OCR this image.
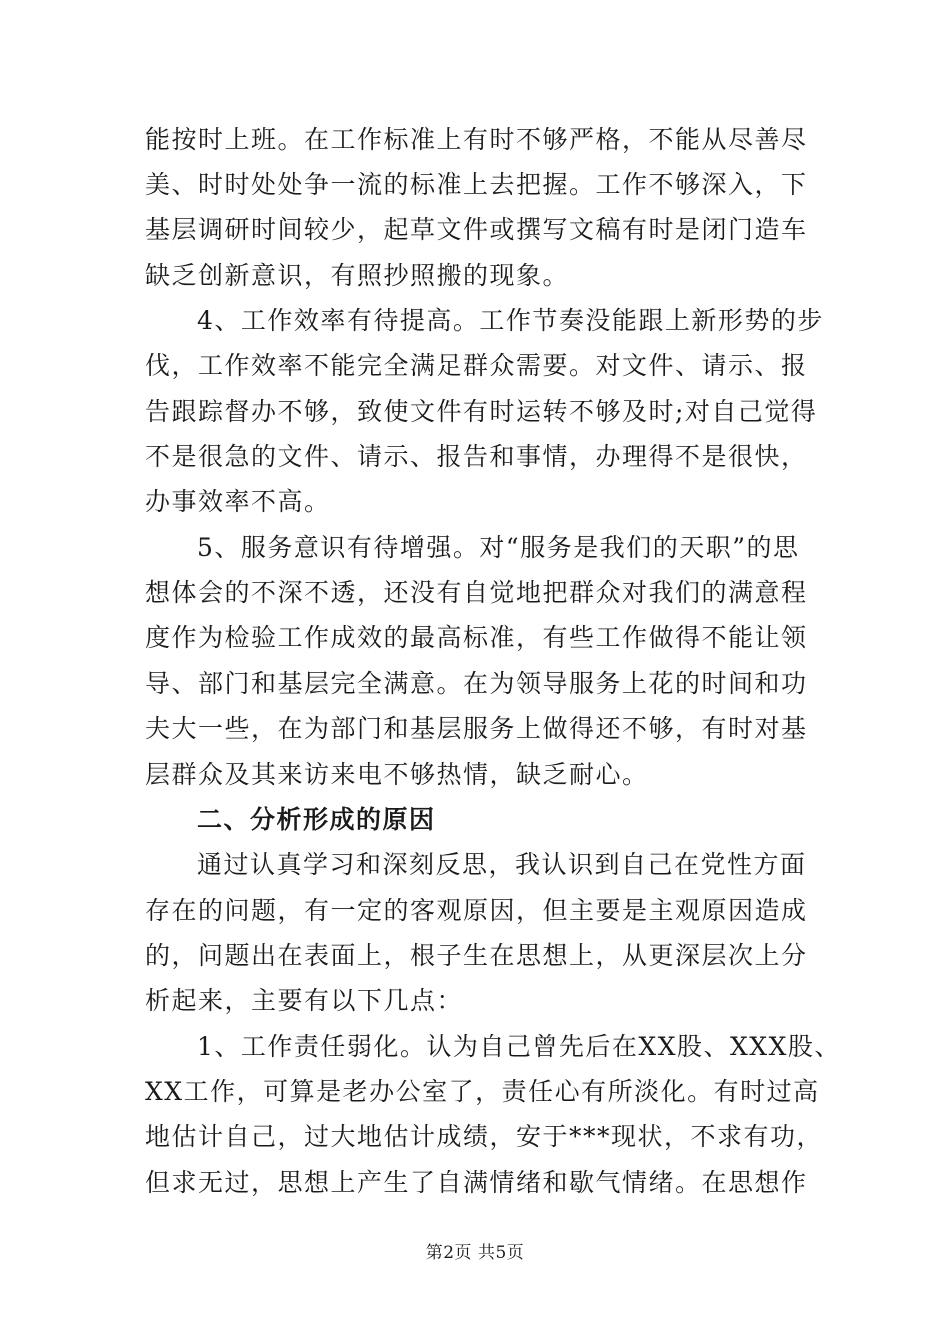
能按时上班。在工作标准上有时不够严格，不能从尽善尽
美、时时处处争一流的标准上去把握。工作不够深入，下
基层调研时间较少，起草文件或撰写文稿有时是闭门造车
缺乏创新意识，有照抄照搬的现象。
4、工作效率有待提高。工作节奏没能跟上新形势的步
伐，工作效率不能完全满足群众需要。对文件、请示、报
告跟踪督办不够，致使文件有时运转不够及时;对自己觉得
不是很急的文件、请示、报告和事情，办理得不是很快，
办事效率不高。
5、服务意识有待增强。对“服务是我们的天职”的思
想体会的不深不透，还没有自觉地把群众对我们的满意程
度作为检验工作成效的最高标准，有些工作做得不能让领
导、部门和基层完全满意。在为领导服务上花的时间和功
夫大一些，在为部门和基层服务上做得还不够，有时对基
层群众及其来访来电不够热情，缺乏耐心。
二、分析形成的原因
通过认真学习和深刻反思，我认识到自己在党性方面
存在的问题，有一定的客观原因，但主要是主观原因造成
的，问题出在表面上，根子生在思想上，从更深层次上分
析起来，主要有以下几点：
1、工作责任弱化。认为自己曾先后在XX股、XXX股、
XX工作，可算是老办公室了，责任心有所淡化。有时过高
地估计自己，过大地估计成绩，安于***现状，不求有功，
但求无过，思想上产生了自满情绪和歇气情绪。在思想作
第2页 共5页
